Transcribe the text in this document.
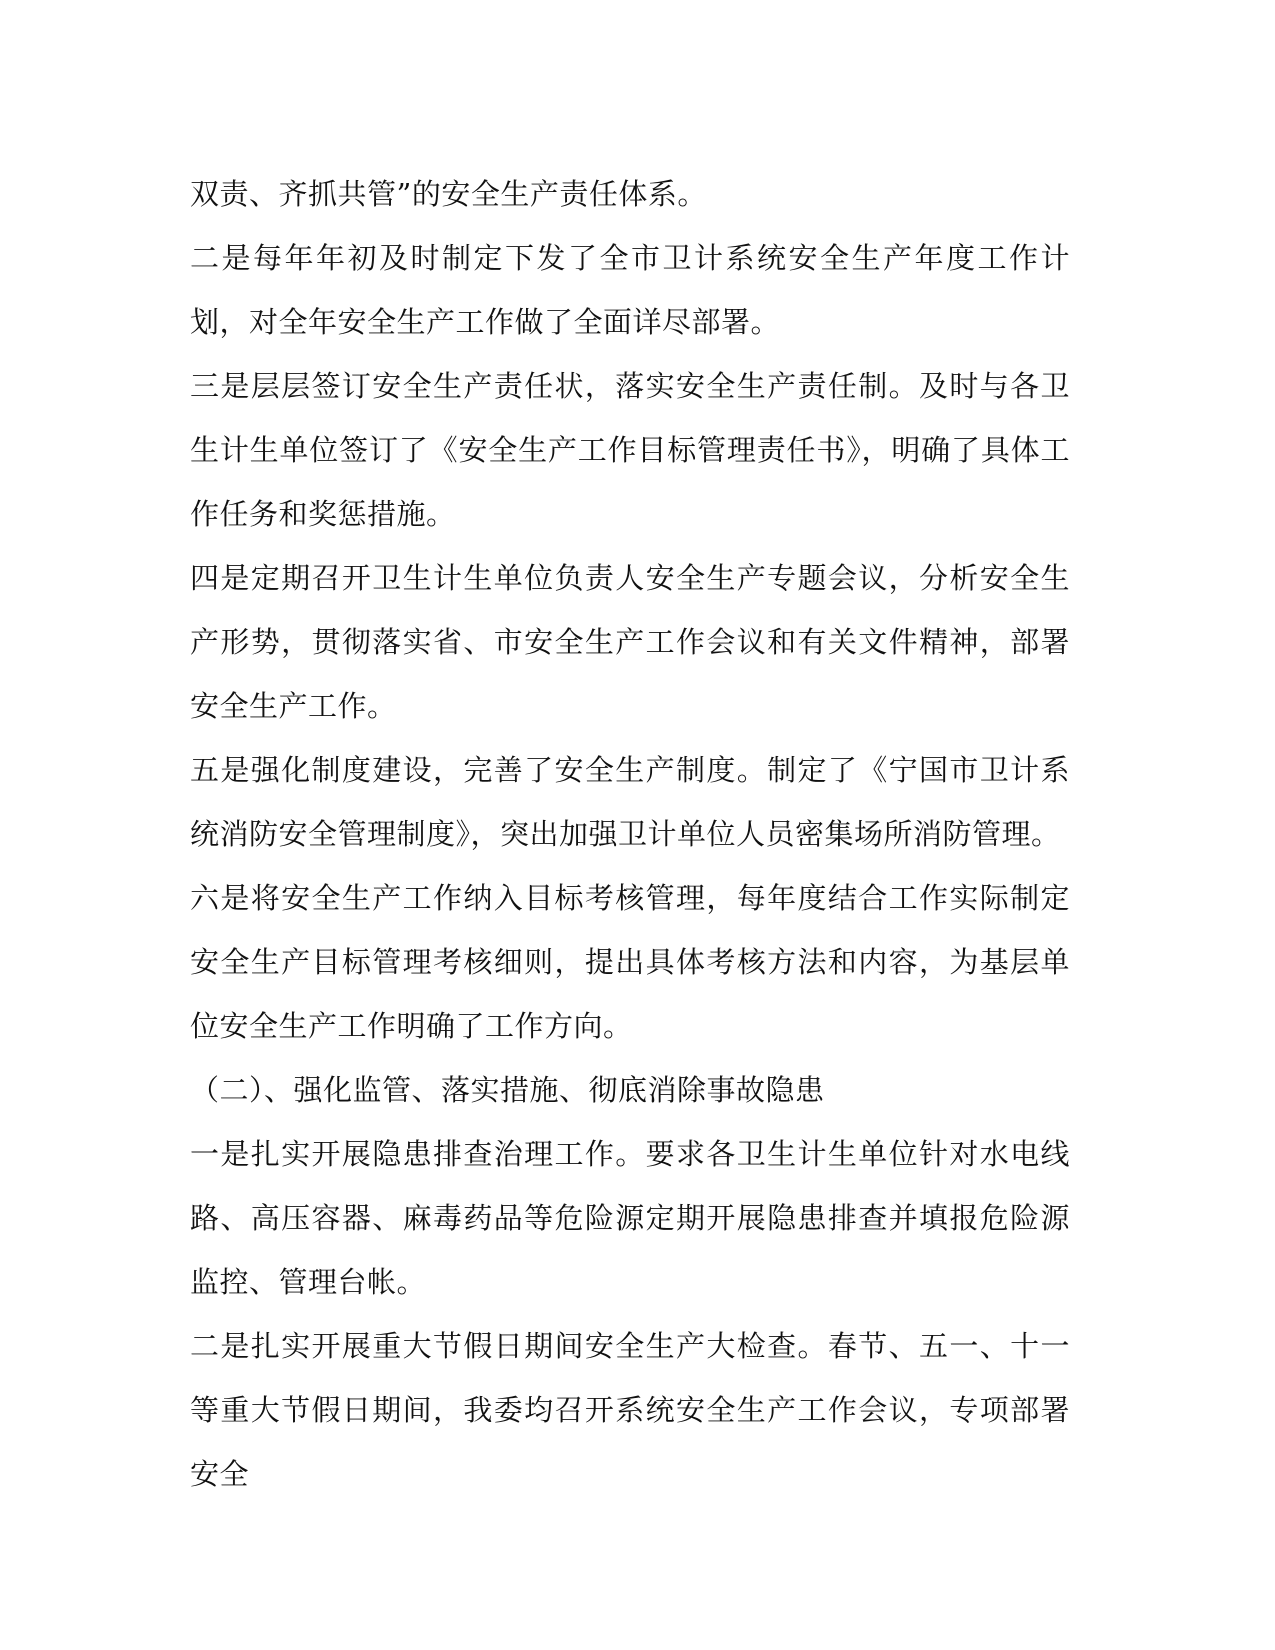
双责、齐抓共管”的安全生产责任体系。

二是每年年初及时制定下发了全市卫计系统安全生产年度工作计划，对全年安全生产工作做了全面详尽部署。

三是层层签订安全生产责任状，落实安全生产责任制。及时与各卫生计生单位签订了《安全生产工作目标管理责任书》，明确了具体工作任务和奖惩措施。

四是定期召开卫生计生单位负责人安全生产专题会议，分析安全生产形势，贯彻落实省、市安全生产工作会议和有关文件精神，部署安全生产工作。

五是强化制度建设，完善了安全生产制度。制定了《宁国市卫计系统消防安全管理制度》，突出加强卫计单位人员密集场所消防管理。

六是将安全生产工作纳入目标考核管理，每年度结合工作实际制定安全生产目标管理考核细则，提出具体考核方法和内容，为基层单位安全生产工作明确了工作方向。

（二）、强化监管、落实措施、彻底消除事故隐患

一是扎实开展隐患排查治理工作。要求各卫生计生单位针对水电线路、高压容器、麻毒药品等危险源定期开展隐患排查并填报危险源监控、管理台帐。

二是扎实开展重大节假日期间安全生产大检查。春节、五一、十一等重大节假日期间，我委均召开系统安全生产工作会议，专项部署安全
